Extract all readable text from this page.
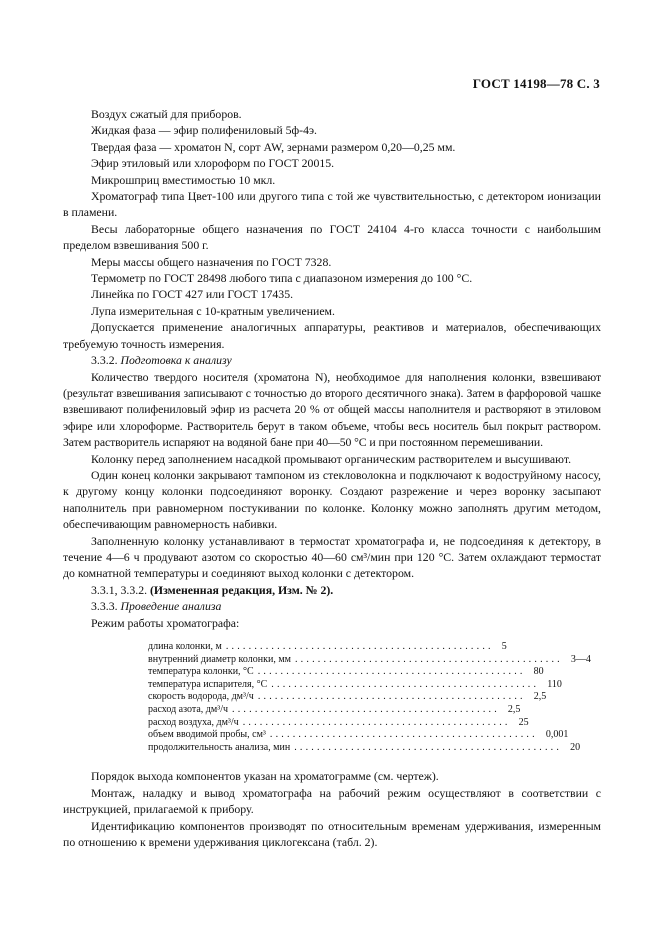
ГОСТ 14198—78 С. 3

Воздух сжатый для приборов.

Жидкая фаза — эфир полифениловый 5ф-4э.

Твердая фаза — хроматон N, сорт AW, зернами размером 0,20—0,25 мм.

Эфир этиловый или хлороформ по ГОСТ 20015.

Микрошприц вместимостью 10 мкл.

Хроматограф типа Цвет-100 или другого типа с той же чувствительностью, с детектором ионизации в пламени.

Весы лабораторные общего назначения по ГОСТ 24104 4-го класса точности с наибольшим пределом взвешивания 500 г.

Меры массы общего назначения по ГОСТ 7328.

Термометр по ГОСТ 28498 любого типа с диапазоном измерения до 100 °С.

Линейка по ГОСТ 427 или ГОСТ 17435.

Лупа измерительная с 10-кратным увеличением.

Допускается применение аналогичных аппаратуры, реактивов и материалов, обеспечивающих требуемую точность измерения.

3.3.2. Подготовка к анализу

Количество твердого носителя (хроматона N), необходимое для наполнения колонки, взвешивают (результат взвешивания записывают с точностью до второго десятичного знака). Затем в фарфоровой чашке взвешивают полифениловый эфир из расчета 20 % от общей массы наполнителя и растворяют в этиловом эфире или хлороформе. Растворитель берут в таком объеме, чтобы весь носитель был покрыт раствором. Затем растворитель испаряют на водяной бане при 40—50 °С и при постоянном перемешивании.

Колонку перед заполнением насадкой промывают органическим растворителем и высушивают.

Один конец колонки закрывают тампоном из стекловолокна и подключают к водоструйному насосу, к другому концу колонки подсоединяют воронку. Создают разрежение и через воронку засыпают наполнитель при равномерном постукивании по колонке. Колонку можно заполнять другим методом, обеспечивающим равномерность набивки.

Заполненную колонку устанавливают в термостат хроматографа и, не подсоединяя к детектору, в течение 4—6 ч продувают азотом со скоростью 40—60 см³/мин при 120 °С. Затем охлаждают термостат до комнатной температуры и соединяют выход колонки с детектором.

3.3.1, 3.3.2. (Измененная редакция, Изм. № 2).

3.3.3. Проведение анализа

Режим работы хроматографа:

длина колонки, м ............................................... 5
внутренний диаметр колонки, мм ............................................... 3—4
температура колонки, °С ............................................... 80
температура испарителя, °С ............................................... 110
скорость водорода, дм³/ч ............................................... 2,5
расход азота, дм³/ч ............................................... 2,5
расход воздуха, дм³/ч ............................................... 25
объем вводимой пробы, см³ ............................................... 0,001
продолжительность анализа, мин ............................................... 20

Порядок выхода компонентов указан на хроматограмме (см. чертеж).

Монтаж, наладку и вывод хроматографа на рабочий режим осуществляют в соответствии с инструкцией, прилагаемой к прибору.

Идентификацию компонентов производят по относительным временам удерживания, измеренным по отношению к времени удерживания циклогексана (табл. 2).
